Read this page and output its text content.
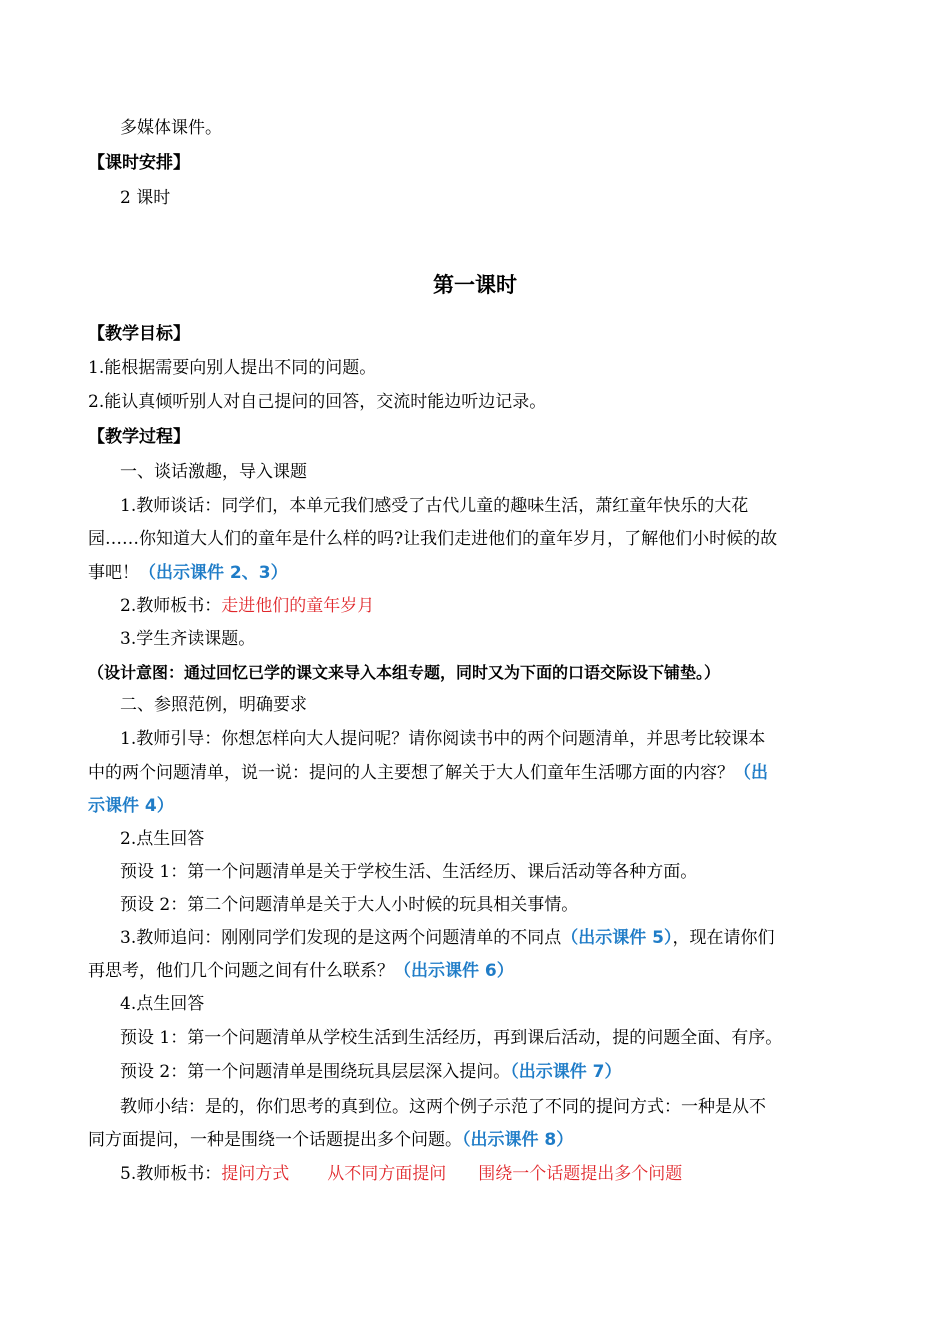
多媒体课件。
【课时安排】
2 课时
第一课时
【教学目标】
1.能根据需要向别人提出不同的问题。
2.能认真倾听别人对自己提问的回答，交流时能边听边记录。
【教学过程】
一、谈话激趣，导入课题
1.教师谈话：同学们，本单元我们感受了古代儿童的趣味生活，萧红童年快乐的大花
园……你知道大人们的童年是什么样的吗?让我们走进他们的童年岁月，了解他们小时候的故
事吧！（出示课件 2、3）
2.教师板书：走进他们的童年岁月
3.学生齐读课题。
（设计意图：通过回忆已学的课文来导入本组专题，同时又为下面的口语交际设下铺垫。）
二、参照范例，明确要求
1.教师引导：你想怎样向大人提问呢？请你阅读书中的两个问题清单，并思考比较课本
中的两个问题清单，说一说：提问的人主要想了解关于大人们童年生活哪方面的内容？（出
示课件 4）
2.点生回答
预设 1：第一个问题清单是关于学校生活、生活经历、课后活动等各种方面。
预设 2：第二个问题清单是关于大人小时候的玩具相关事情。
3.教师追问：刚刚同学们发现的是这两个问题清单的不同点（出示课件 5），现在请你们
再思考，他们几个问题之间有什么联系？（出示课件 6）
4.点生回答
预设 1：第一个问题清单从学校生活到生活经历，再到课后活动，提的问题全面、有序。
预设 2：第一个问题清单是围绕玩具层层深入提问。（出示课件 7）
教师小结：是的，你们思考的真到位。这两个例子示范了不同的提问方式：一种是从不
同方面提问，一种是围绕一个话题提出多个问题。（出示课件 8）
5.教师板书：提问方式 从不同方面提问 围绕一个话题提出多个问题
